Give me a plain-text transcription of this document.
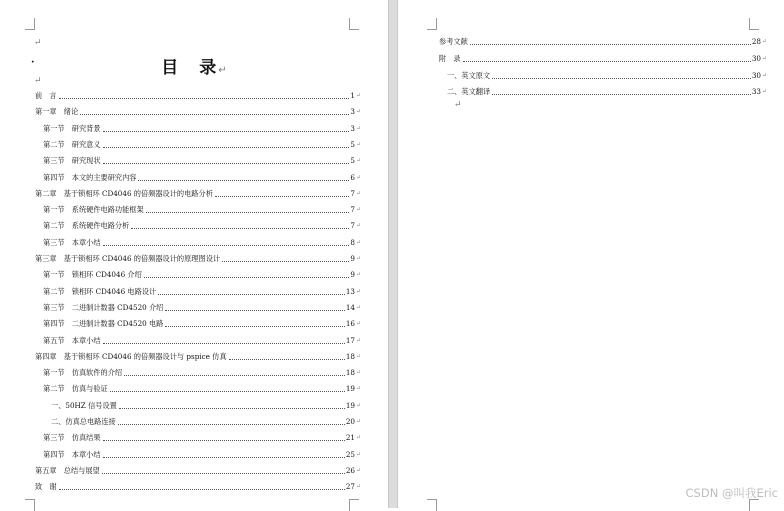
↵
·	目　录↵
↵
前　言	1 ↵
第一章　绪论	3 ↵
第一节　研究背景	3 ↵
第二节　研究意义	5 ↵
第三节　研究现状	5 ↵
第四节　本文的主要研究内容	6 ↵
第二章　基于锁相环 CD4046 的倍频器设计的电路分析	7 ↵
第一节　系统硬件电路功能框架	7 ↵
第二节　系统硬件电路分析	7 ↵
第三节　本章小结	8 ↵
第三章　基于锁相环 CD4046 的倍频器设计的原理图设计	9 ↵
第一节　锁相环 CD4046 介绍	9 ↵
第二节　锁相环 CD4046 电路设计	13 ↵
第三节　二进制计数器 CD4520 介绍	14 ↵
第四节　二进制计数器 CD4520 电路	16 ↵
第五节　本章小结	17 ↵
第四章　基于锁相环 CD4046 的倍频器设计与 pspice 仿真	18 ↵
第一节　仿真软件的介绍	18 ↵
第二节　仿真与验证	19 ↵
一、50HZ 信号设置	19 ↵
二、仿真总电路连接	20 ↵
第三节　仿真结果	21 ↵
第四节　本章小结	25 ↵
第五章　总结与展望	26 ↵
致　谢	27 ↵
参考文献	28 ↵
附　录	30 ↵
一、英文原文	30 ↵
二、英文翻译	33 ↵
↵
CSDN @叫我Eric
